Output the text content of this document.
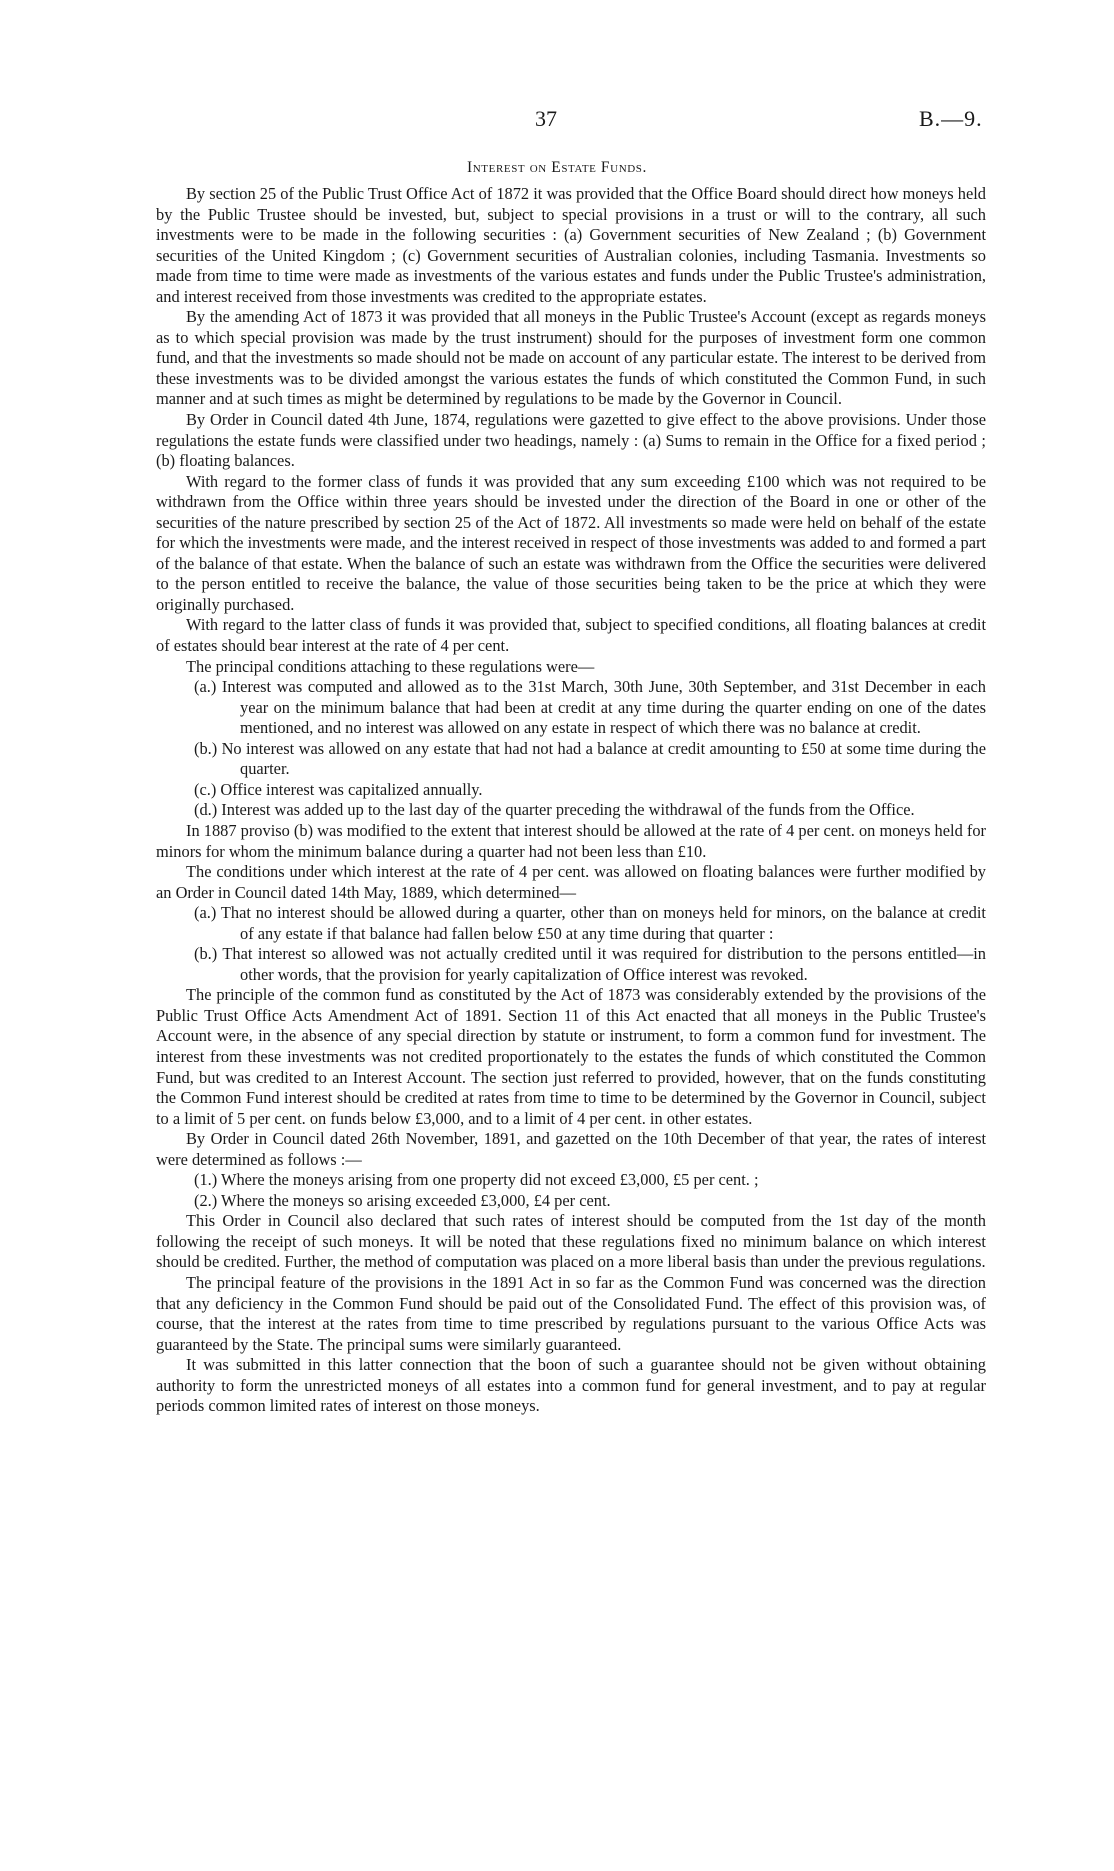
37	B.—9.
Interest on Estate Funds.

By section 25 of the Public Trust Office Act of 1872 it was provided that the Office Board should direct how moneys held by the Public Trustee should be invested, but, subject to special provisions in a trust or will to the contrary, all such investments were to be made in the following securities : (a) Government securities of New Zealand ; (b) Government securities of the United Kingdom ; (c) Government securities of Australian colonies, including Tasmania. Investments so made from time to time were made as investments of the various estates and funds under the Public Trustee's administration, and interest received from those investments was credited to the appropriate estates.

By the amending Act of 1873 it was provided that all moneys in the Public Trustee's Account (except as regards moneys as to which special provision was made by the trust instrument) should for the purposes of investment form one common fund, and that the investments so made should not be made on account of any particular estate. The interest to be derived from these investments was to be divided amongst the various estates the funds of which constituted the Common Fund, in such manner and at such times as might be determined by regulations to be made by the Governor in Council.

By Order in Council dated 4th June, 1874, regulations were gazetted to give effect to the above provisions. Under those regulations the estate funds were classified under two headings, namely : (a) Sums to remain in the Office for a fixed period ; (b) floating balances.

With regard to the former class of funds it was provided that any sum exceeding £100 which was not required to be withdrawn from the Office within three years should be invested under the direction of the Board in one or other of the securities of the nature prescribed by section 25 of the Act of 1872. All investments so made were held on behalf of the estate for which the investments were made, and the interest received in respect of those investments was added to and formed a part of the balance of that estate. When the balance of such an estate was withdrawn from the Office the securities were delivered to the person entitled to receive the balance, the value of those securities being taken to be the price at which they were originally purchased.

With regard to the latter class of funds it was provided that, subject to specified conditions, all floating balances at credit of estates should bear interest at the rate of 4 per cent.

The principal conditions attaching to these regulations were—

(a.) Interest was computed and allowed as to the 31st March, 30th June, 30th September, and 31st December in each year on the minimum balance that had been at credit at any time during the quarter ending on one of the dates mentioned, and no interest was allowed on any estate in respect of which there was no balance at credit.

(b.) No interest was allowed on any estate that had not had a balance at credit amounting to £50 at some time during the quarter.

(c.) Office interest was capitalized annually.

(d.) Interest was added up to the last day of the quarter preceding the withdrawal of the funds from the Office.

In 1887 proviso (b) was modified to the extent that interest should be allowed at the rate of 4 per cent. on moneys held for minors for whom the minimum balance during a quarter had not been less than £10.

The conditions under which interest at the rate of 4 per cent. was allowed on floating balances were further modified by an Order in Council dated 14th May, 1889, which determined—

(a.) That no interest should be allowed during a quarter, other than on moneys held for minors, on the balance at credit of any estate if that balance had fallen below £50 at any time during that quarter :

(b.) That interest so allowed was not actually credited until it was required for distribution to the persons entitled—in other words, that the provision for yearly capitalization of Office interest was revoked.

The principle of the common fund as constituted by the Act of 1873 was considerably extended by the provisions of the Public Trust Office Acts Amendment Act of 1891. Section 11 of this Act enacted that all moneys in the Public Trustee's Account were, in the absence of any special direction by statute or instrument, to form a common fund for investment. The interest from these investments was not credited proportionately to the estates the funds of which constituted the Common Fund, but was credited to an Interest Account. The section just referred to provided, however, that on the funds constituting the Common Fund interest should be credited at rates from time to time to be determined by the Governor in Council, subject to a limit of 5 per cent. on funds below £3,000, and to a limit of 4 per cent. in other estates.

By Order in Council dated 26th November, 1891, and gazetted on the 10th December of that year, the rates of interest were determined as follows :—

(1.) Where the moneys arising from one property did not exceed £3,000, £5 per cent. ;

(2.) Where the moneys so arising exceeded £3,000, £4 per cent.

This Order in Council also declared that such rates of interest should be computed from the 1st day of the month following the receipt of such moneys. It will be noted that these regulations fixed no minimum balance on which interest should be credited. Further, the method of computation was placed on a more liberal basis than under the previous regulations.

The principal feature of the provisions in the 1891 Act in so far as the Common Fund was concerned was the direction that any deficiency in the Common Fund should be paid out of the Consolidated Fund. The effect of this provision was, of course, that the interest at the rates from time to time prescribed by regulations pursuant to the various Office Acts was guaranteed by the State. The principal sums were similarly guaranteed.

It was submitted in this latter connection that the boon of such a guarantee should not be given without obtaining authority to form the unrestricted moneys of all estates into a common fund for general investment, and to pay at regular periods common limited rates of interest on those moneys.
